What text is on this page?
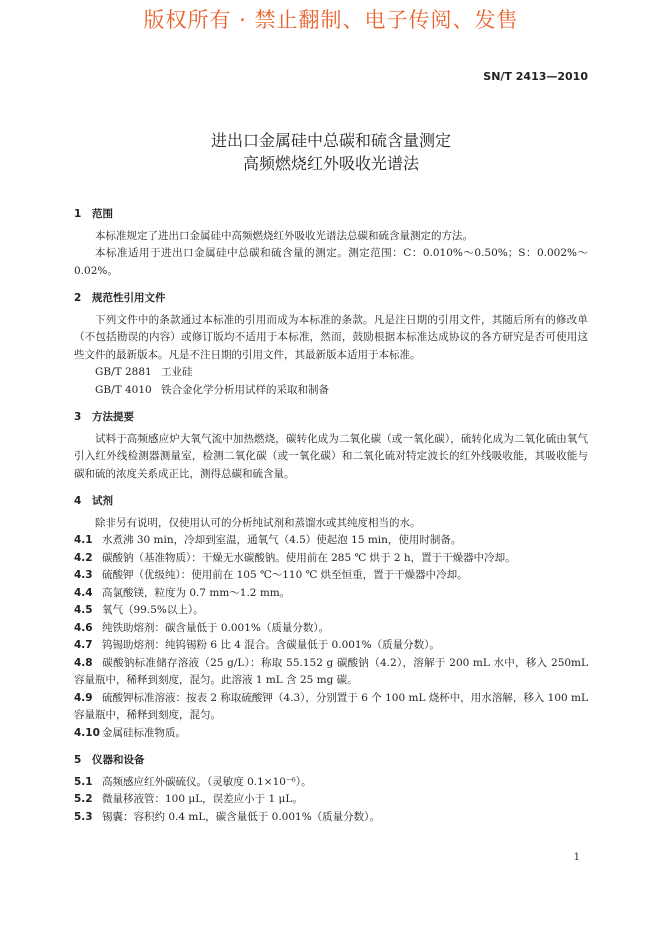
版权所有 · 禁止翻制、电子传阅、发售
SN/T 2413—2010
进出口金属硅中总碳和硫含量测定
高频燃烧红外吸收光谱法
1 范围
本标准规定了进出口金属硅中高频燃烧红外吸收光谱法总碳和硫含量测定的方法。
本标准适用于进出口金属硅中总碳和硫含量的测定。测定范围：C：0.010%～0.50%；S：0.002%～0.02%。
2 规范性引用文件
下列文件中的条款通过本标准的引用而成为本标准的条款。凡是注日期的引用文件，其随后所有的修改单（不包括勘误的内容）或修订版均不适用于本标准，然而，鼓励根据本标准达成协议的各方研究是否可使用这些文件的最新版本。凡是不注日期的引用文件，其最新版本适用于本标准。
GB/T 2881 工业硅
GB/T 4010 铁合金化学分析用试样的采取和制备
3 方法提要
试料于高频感应炉大氧气流中加热燃烧，碳转化成为二氧化碳（或一氧化碳），硫转化成为二氧化硫由氧气引入红外线检测器测量室，检测二氧化碳（或一氧化碳）和二氧化硫对特定波长的红外线吸收能，其吸收能与碳和硫的浓度关系成正比，测得总碳和硫含量。
4 试剂
除非另有说明，仅使用认可的分析纯试剂和蒸馏水或其纯度相当的水。
4.1 水煮沸 30 min，冷却到室温，通氧气（4.5）使起泡 15 min，使用时制备。
4.2 碳酸钠（基准物质）：干燥无水碳酸钠。使用前在 285 ℃ 烘于 2 h，置于干燥器中冷却。
4.3 硫酸钾（优级纯）：使用前在 105 ℃～110 ℃ 烘至恒重，置于干燥器中冷却。
4.4 高氯酸镁，粒度为 0.7 mm～1.2 mm。
4.5 氧气（99.5%以上）。
4.6 纯铁助熔剂：碳含量低于 0.001%（质量分数）。
4.7 钨锡助熔剂：纯钨锡粉 6 比 4 混合。含碳量低于 0.001%（质量分数）。
4.8 碳酸钠标准储存溶液（25 g/L）：称取 55.152 g 碳酸钠（4.2），溶解于 200 mL 水中，移入 250mL 容量瓶中，稀释到刻度，混匀。此溶液 1 mL 含 25 mg 碳。
4.9 硫酸钾标准溶液：按表 2 称取硫酸钾（4.3），分别置于 6 个 100 mL 烧杯中，用水溶解，移入 100 mL 容量瓶中，稀释到刻度，混匀。
4.10 金属硅标准物质。
5 仪器和设备
5.1 高频感应红外碳硫仪。（灵敏度 0.1×10⁻⁶）。
5.2 微量移液管：100 μL，误差应小于 1 μL。
5.3 锡囊：容积约 0.4 mL，碳含量低于 0.001%（质量分数）。
1
